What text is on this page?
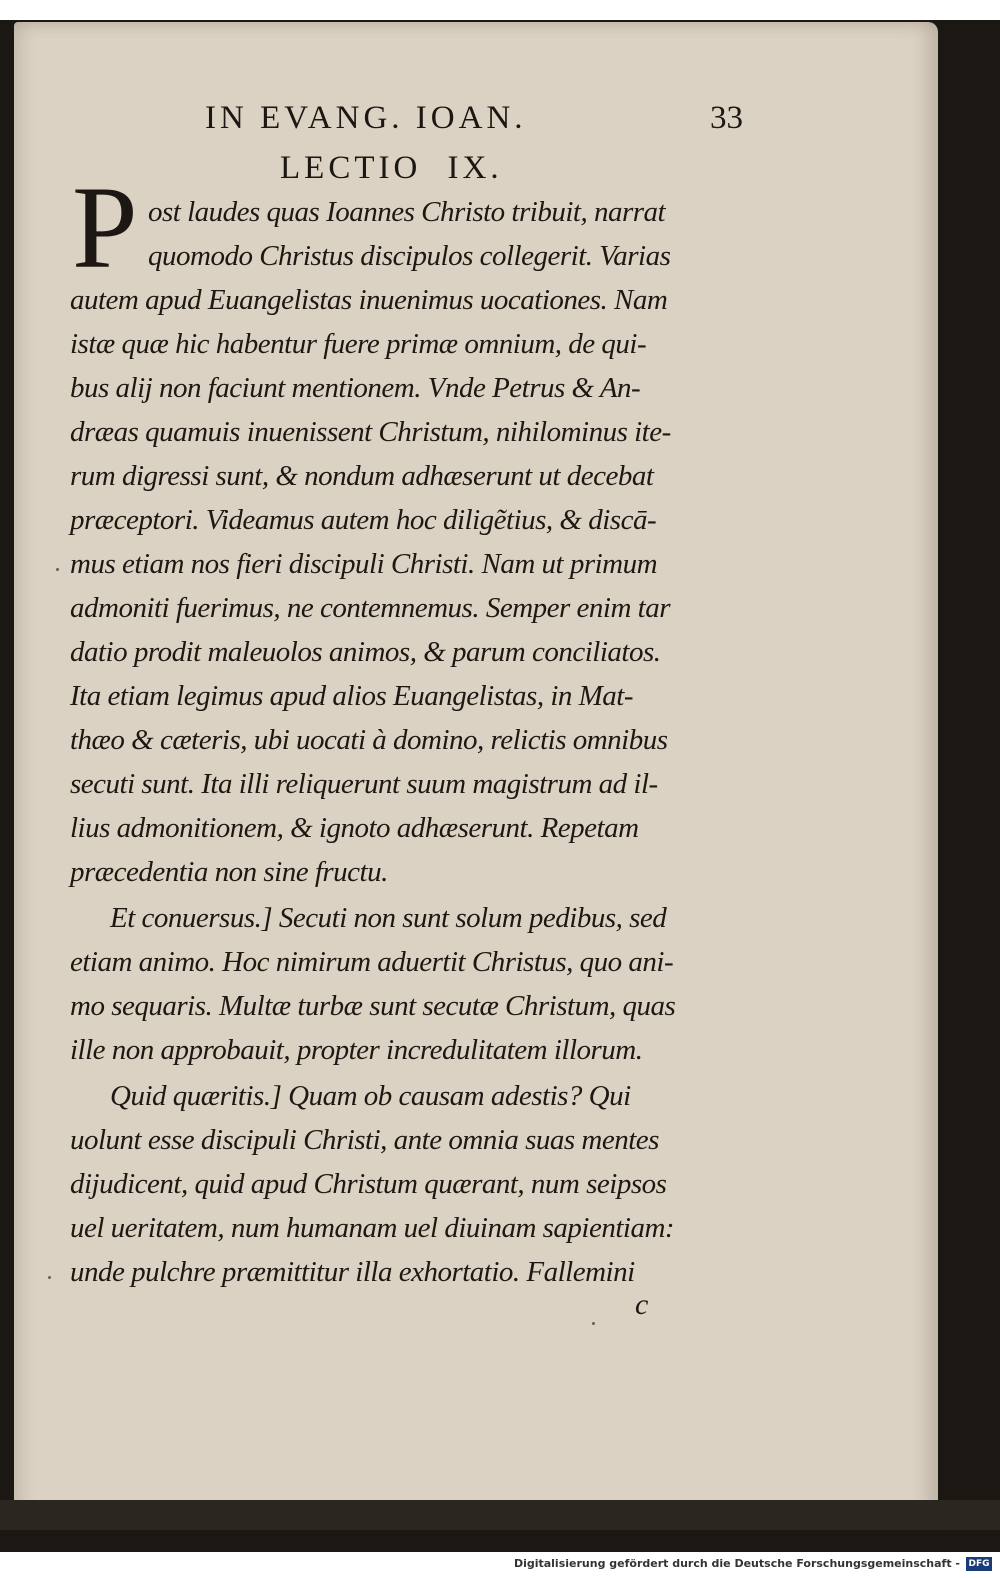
IN EVANG. IOAN.	33
LECTIO IX.
P ost laudes quas Ioannes Christo tribuit, narrat
quomodo Christus discipulos collegerit. Varias
autem apud Euangelistas inuenimus uocationes. Nam
istæ quæ hic habentur fuere primæ omnium, de qui-
bus alij non faciunt mentionem. Vnde Petrus & An-
dræas quamuis inuenissent Christum, nihilominus ite-
rum digressi sunt, & nondum adhæserunt ut decebat
præceptori. Videamus autem hoc diligẽtius, & discā-
mus etiam nos fieri discipuli Christi. Nam ut primum
admoniti fuerimus, ne contemnemus. Semper enim tar
datio prodit maleuolos animos, & parum conciliatos.
Ita etiam legimus apud alios Euangelistas, in Mat-
thæo & cæteris, ubi uocati à domino, relictis omnibus
secuti sunt. Ita illi reliquerunt suum magistrum ad il-
lius admonitionem, & ignoto adhæserunt. Repetam
præcedentia non sine fructu.
Et conuersus.] Secuti non sunt solum pedibus, sed
etiam animo. Hoc nimirum aduertit Christus, quo ani-
mo sequaris. Multæ turbæ sunt secutæ Christum, quas
ille non approbauit, propter incredulitatem illorum.
Quid quæritis.] Quam ob causam adestis? Qui
uolunt esse discipuli Christi, ante omnia suas mentes
dijudicent, quid apud Christum quærant, num seipsos
uel ueritatem, num humanam uel diuinam sapientiam:
unde pulchre præmittitur illa exhortatio. Fallemini
c
Digitalisierung gefördert durch die Deutsche Forschungsgemeinschaft - DFG
